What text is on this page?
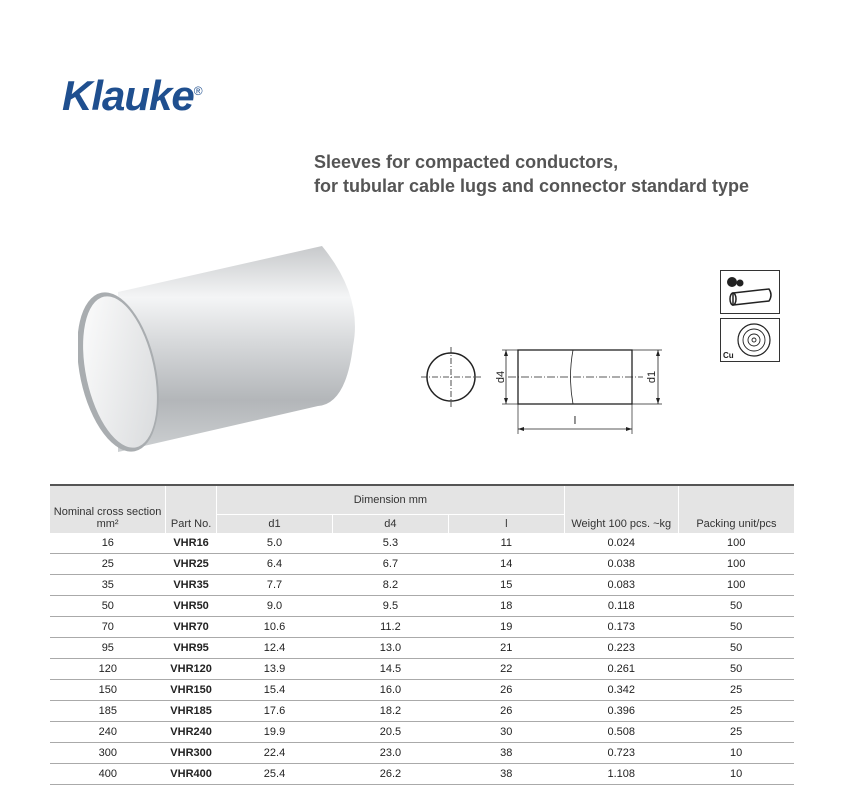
Klauke®
Sleeves for compacted conductors,
for tubular cable lugs and connector standard type
d4	d1
l
Cu
Nominal cross section mm²	Part No.	Dimension mm			Weight 100 pcs. ~kg	Packing unit/pcs
		d1	d4	l		
16	VHR16	5.0	5.3	11	0.024	100
25	VHR25	6.4	6.7	14	0.038	100
35	VHR35	7.7	8.2	15	0.083	100
50	VHR50	9.0	9.5	18	0.118	50
70	VHR70	10.6	11.2	19	0.173	50
95	VHR95	12.4	13.0	21	0.223	50
120	VHR120	13.9	14.5	22	0.261	50
150	VHR150	15.4	16.0	26	0.342	25
185	VHR185	17.6	18.2	26	0.396	25
240	VHR240	19.9	20.5	30	0.508	25
300	VHR300	22.4	23.0	38	0.723	10
400	VHR400	25.4	26.2	38	1.108	10
